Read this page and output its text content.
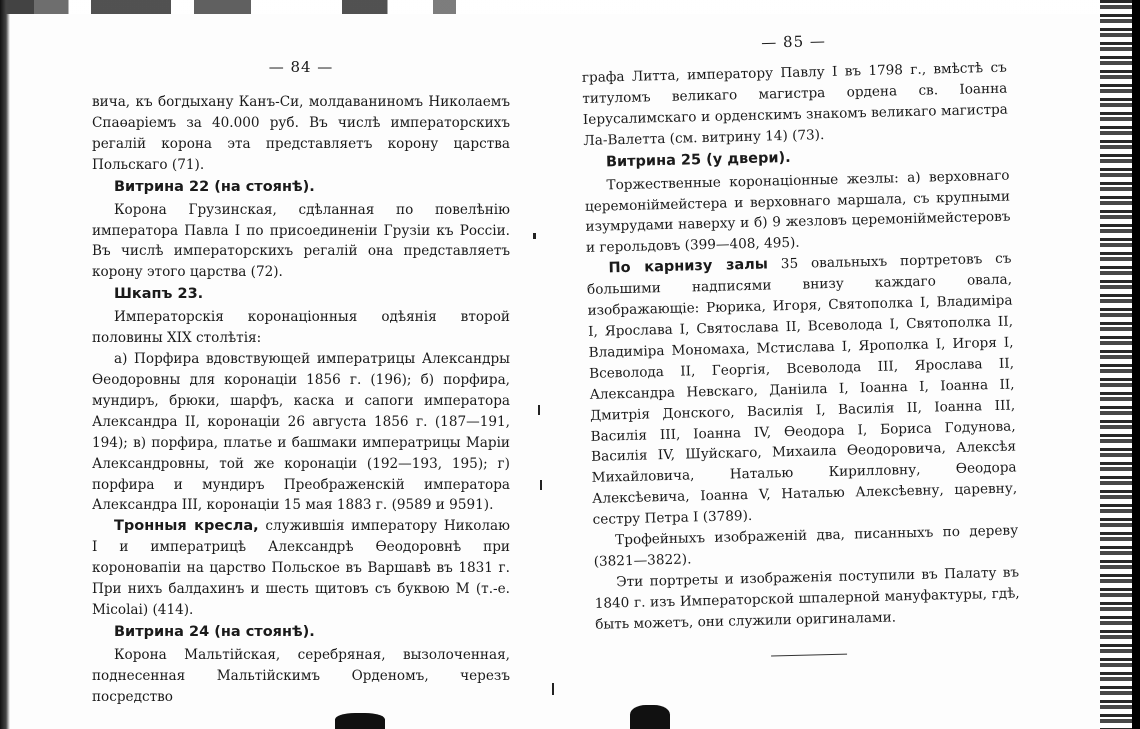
— 84 —

вича, къ богдыхану Канъ-Си, молдаваниномъ Николаемъ Спаөаріемъ за 40.000 руб. Въ числѣ императорскихъ регалій корона эта представляетъ корону царства Польскаго (71).

Витрина 22 (на стоянѣ).

Корона Грузинская, сдѣланная по повелѣнію императора Павла I по присоединеніи Грузіи къ Россіи. Въ числѣ императорскихъ регалій она представляетъ корону этого царства (72).

Шкапъ 23.

Императорскія коронаціонныя одѣянія второй половины XIX столѣтія:

а) Порфира вдовствующей императрицы Александры Өеодоровны для коронаціи 1856 г. (196); б) порфира, мундиръ, брюки, шарфъ, каска и сапоги императора Александра II, коронаціи 26 августа 1856 г. (187—191, 194); в) порфира, платье и башмаки императрицы Маріи Александровны, той же коронаціи (192—193, 195); г) порфира и мундиръ Преображенскій императора Александра III, коронаціи 15 мая 1883 г. (9589 и 9591).

Тронныя кресла, служившія императору Николаю I и императрицѣ Александрѣ Өеодоровнѣ при короновапіи на царство Польское въ Варшавѣ въ 1831 г. При нихъ балдахинъ и шесть щитовъ съ буквою М (т.-е. Micolai) (414).

Витрина 24 (на стоянѣ).

Корона Мальтійская, серебряная, вызолоченная, поднесенная Мальтійскимъ Орденомъ, черезъ посредство

— 85 —

графа Литта, императору Павлу I въ 1798 г., вмѣстѣ съ титуломъ великаго магистра ордена св. Іоанна Іерусалимскаго и орденскимъ знакомъ великаго магистра Ла-Валетта (см. витрину 14) (73).

Витрина 25 (у двери).

Торжественные коронаціонные жезлы: а) верховнаго церемоніймейстера и верховнаго маршала, съ крупными изумрудами наверху и б) 9 жезловъ церемоніймейстеровъ и герольдовъ (399—408, 495).

По карнизу залы 35 овальныхъ портретовъ съ большими надписями внизу каждаго овала, изображающіе: Рюрика, Игоря, Святополка I, Владиміра I, Ярослава I, Святослава II, Всеволода I, Святополка II, Владиміра Мономаха, Мстислава I, Ярополка I, Игоря I, Всеволода II, Георгія, Всеволода III, Ярослава II, Александра Невскаго, Даніила I, Іоанна I, Іоанна II, Дмитрія Донского, Василія I, Василія II, Іоанна III, Василія III, Іоанна IV, Өеодора I, Бориса Годунова, Василія IV, Шуйскаго, Михаила Өеодоровича, Алексѣя Михайловича, Наталью Кирилловну, Өеодора Алексѣевича, Іоанна V, Наталью Алексѣевну, царевну, сестру Петра I (3789).

Трофейныхъ изображеній два, писанныхъ по дереву (3821—3822).

Эти портреты и изображенія поступили въ Палату въ 1840 г. изъ Императорской шпалерной мануфактуры, гдѣ, быть можетъ, они служили оригиналами.
